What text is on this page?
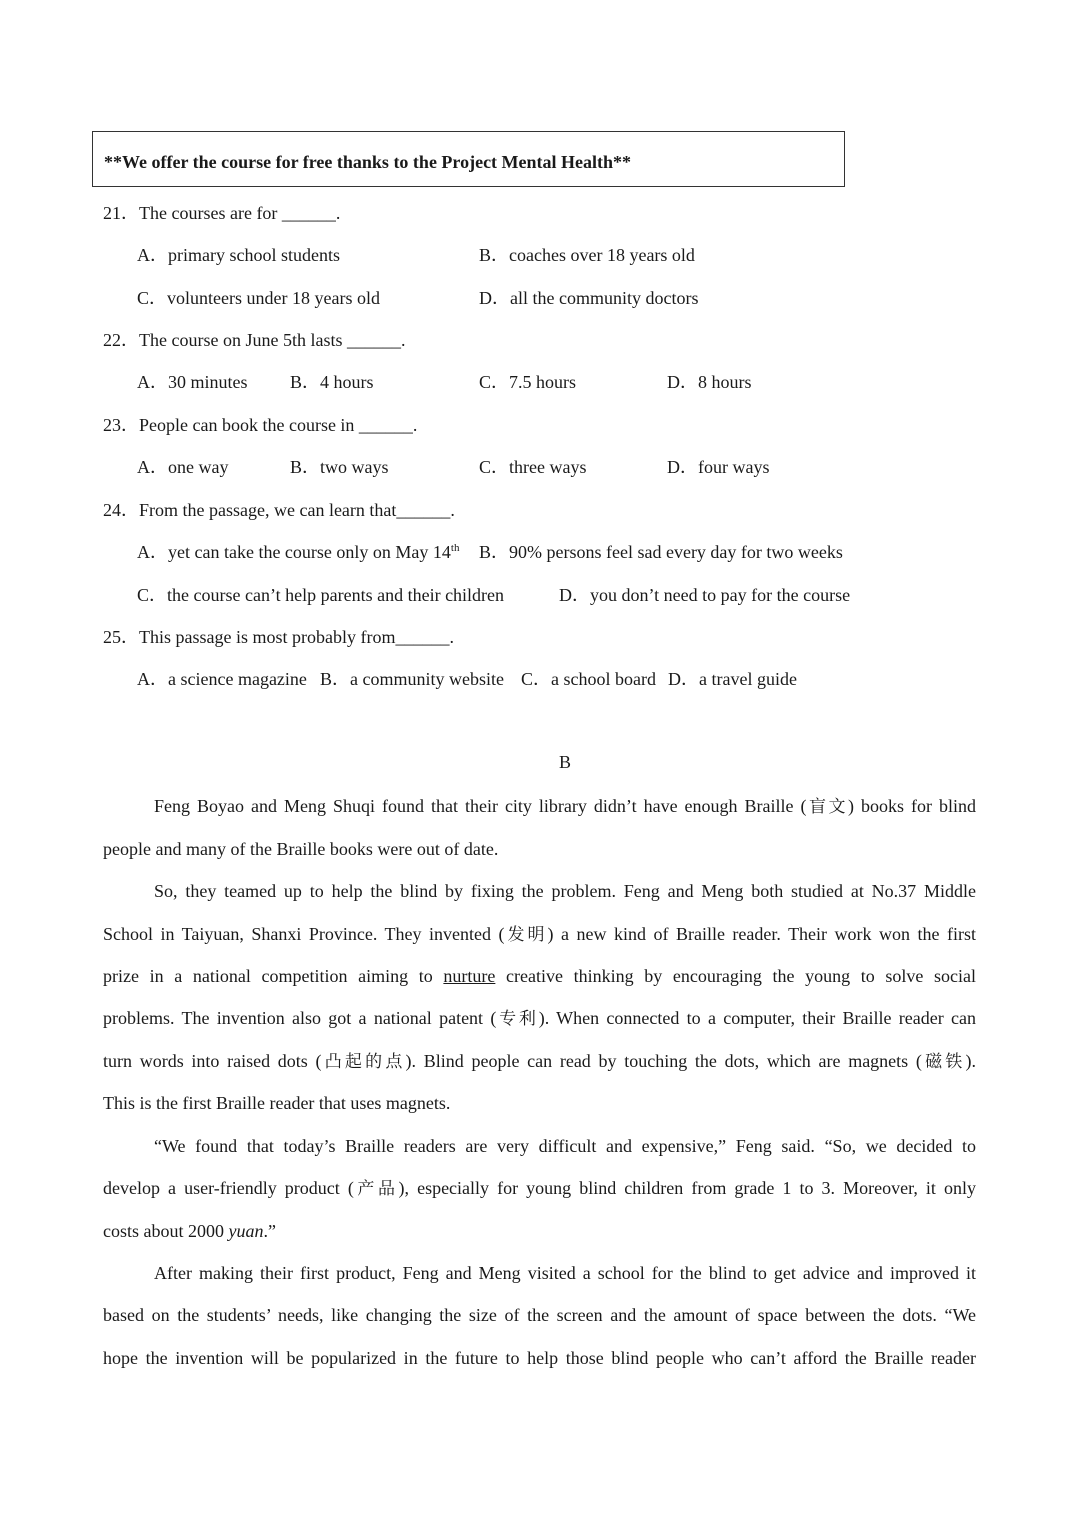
**We offer the course for free thanks to the Project Mental Health**
21．The courses are for ______.
A．primary school students	B．coaches over 18 years old
C．volunteers under 18 years old	D．all the community doctors
22．The course on June 5th lasts ______.
A．30 minutes B．4 hours	C．7.5 hours	D．8 hours
23．People can book the course in ______.
A．one way	B．two ways	C．three ways	D．four ways
24．From the passage, we can learn that______.
A．yet can take the course only on May 14th B．90% persons feel sad every day for two weeks
C．the course can’t help parents and their children	D．you don’t need to pay for the course
25．This passage is most probably from______.
A．a science magazine B．a community website C．a school board D．a travel guide
B
Feng Boyao and Meng Shuqi found that their city library didn’t have enough Braille (盲文) books for blind
people and many of the Braille books were out of date.
So, they teamed up to help the blind by fixing the problem. Feng and Meng both studied at No.37 Middle
School in Taiyuan, Shanxi Province. They invented (发明) a new kind of Braille reader. Their work won the first
prize in a national competition aiming to nurture creative thinking by encouraging the young to solve social
problems. The invention also got a national patent (专利). When connected to a computer, their Braille reader can
turn words into raised dots (凸起的点). Blind people can read by touching the dots, which are magnets (磁铁).
This is the first Braille reader that uses magnets.
“We found that today’s Braille readers are very difficult and expensive,” Feng said. “So, we decided to
develop a user-friendly product (产品), especially for young blind children from grade 1 to 3. Moreover, it only
costs about 2000 yuan.”
After making their first product, Feng and Meng visited a school for the blind to get advice and improved it
based on the students’ needs, like changing the size of the screen and the amount of space between the dots. “We
hope the invention will be popularized in the future to help those blind people who can’t afford the Braille reader
